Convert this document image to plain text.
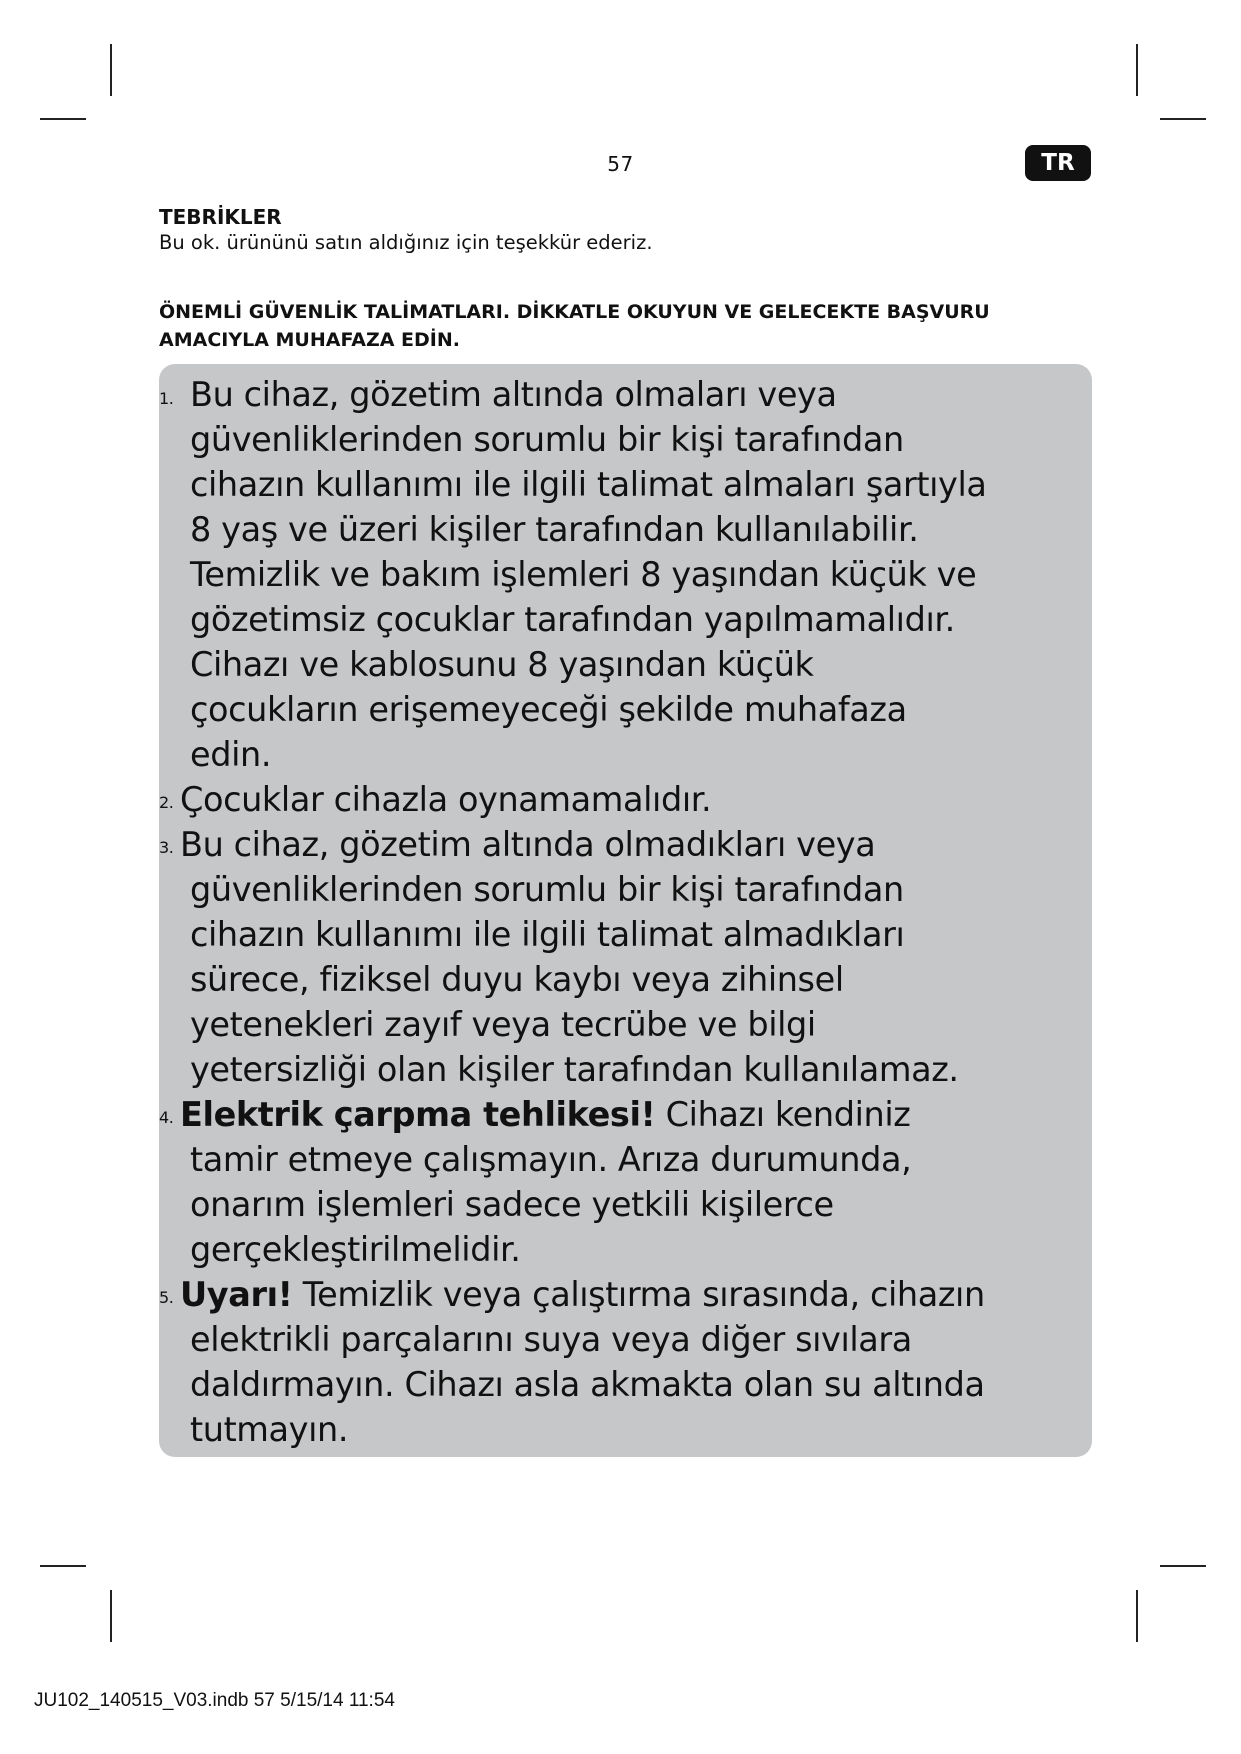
57	TR
TEBRİKLER
Bu ok. ürününü satın aldığınız için teşekkür ederiz.
ÖNEMLİ GÜVENLİK TALİMATLARI. DİKKATLE OKUYUN VE GELECEKTE BAŞVURU
AMACIYLA MUHAFAZA EDİN.
1. Bu cihaz, gözetim altında olmaları veya
güvenliklerinden sorumlu bir kişi tarafından
cihazın kullanımı ile ilgili talimat almaları şartıyla
8 yaş ve üzeri kişiler tarafından kullanılabilir.
Temizlik ve bakım işlemleri 8 yaşından küçük ve
gözetimsiz çocuklar tarafından yapılmamalıdır.
Cihazı ve kablosunu 8 yaşından küçük
çocukların erişemeyeceği şekilde muhafaza
edin.
2. Çocuklar cihazla oynamamalıdır.
3. Bu cihaz, gözetim altında olmadıkları veya
güvenliklerinden sorumlu bir kişi tarafından
cihazın kullanımı ile ilgili talimat almadıkları
sürece, fiziksel duyu kaybı veya zihinsel
yetenekleri zayıf veya tecrübe ve bilgi
yetersizliği olan kişiler tarafından kullanılamaz.
4. Elektrik çarpma tehlikesi! Cihazı kendiniz
tamir etmeye çalışmayın. Arıza durumunda,
onarım işlemleri sadece yetkili kişilerce
gerçekleştirilmelidir.
5. Uyarı! Temizlik veya çalıştırma sırasında, cihazın
elektrikli parçalarını suya veya diğer sıvılara
daldırmayın. Cihazı asla akmakta olan su altında
tutmayın.
JU102_140515_V03.indb 57 5/15/14 11:54
